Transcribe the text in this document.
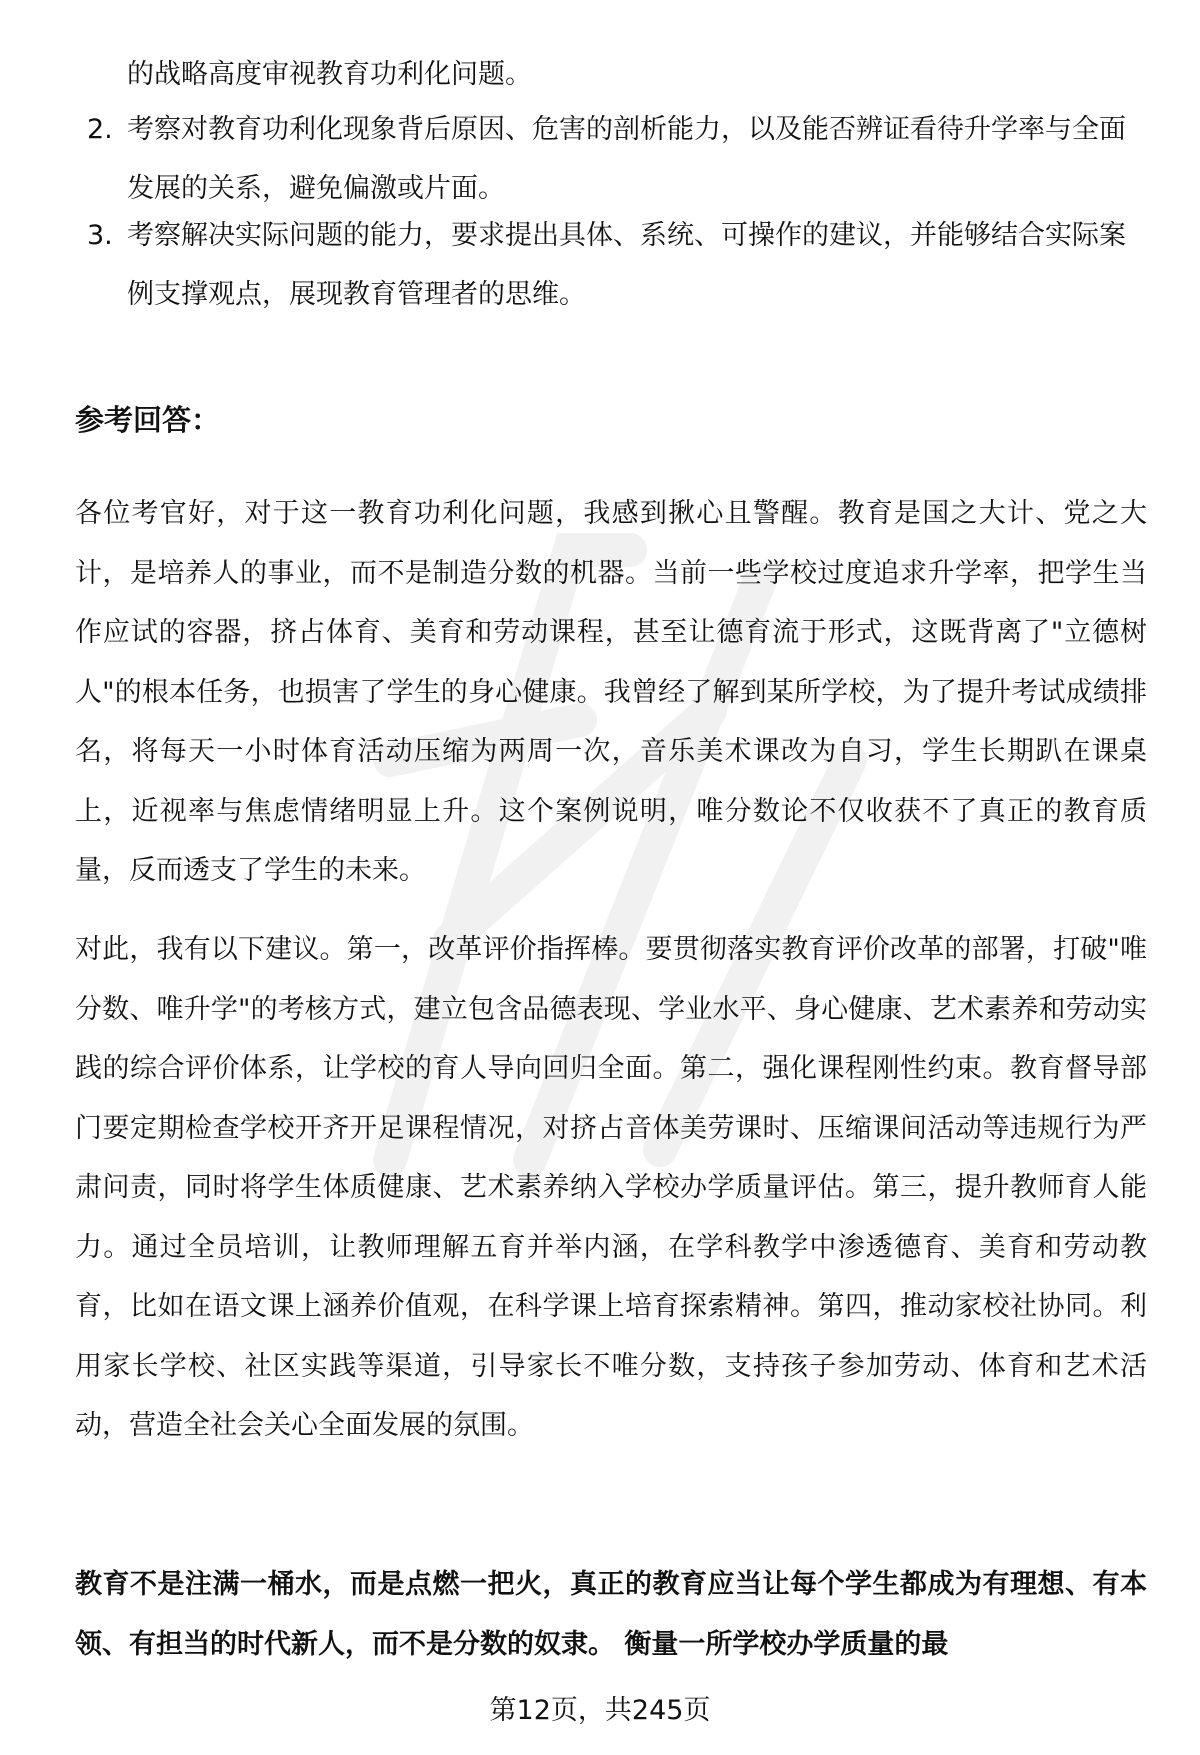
的战略高度审视教育功利化问题。
2. 考察对教育功利化现象背后原因、危害的剖析能力，以及能否辨证看待升学率与全面发展的关系，避免偏激或片面。
3. 考察解决实际问题的能力，要求提出具体、系统、可操作的建议，并能够结合实际案例支撑观点，展现教育管理者的思维。
参考回答：

各位考官好，对于这一教育功利化问题，我感到揪心且警醒。教育是国之大计、党之大计，是培养人的事业，而不是制造分数的机器。当前一些学校过度追求升学率，把学生当作应试的容器，挤占体育、美育和劳动课程，甚至让德育流于形式，这既背离了"立德树人"的根本任务，也损害了学生的身心健康。我曾经了解到某所学校，为了提升考试成绩排名，将每天一小时体育活动压缩为两周一次，音乐美术课改为自习，学生长期趴在课桌上，近视率与焦虑情绪明显上升。这个案例说明，唯分数论不仅收获不了真正的教育质量，反而透支了学生的未来。

对此，我有以下建议。第一，改革评价指挥棒。要贯彻落实教育评价改革的部署，打破"唯分数、唯升学"的考核方式，建立包含品德表现、学业水平、身心健康、艺术素养和劳动实践的综合评价体系，让学校的育人导向回归全面。第二，强化课程刚性约束。教育督导部门要定期检查学校开齐开足课程情况，对挤占音体美劳课时、压缩课间活动等违规行为严肃问责，同时将学生体质健康、艺术素养纳入学校办学质量评估。第三，提升教师育人能力。通过全员培训，让教师理解五育并举内涵，在学科教学中渗透德育、美育和劳动教育，比如在语文课上涵养价值观，在科学课上培育探索精神。第四，推动家校社协同。利用家长学校、社区实践等渠道，引导家长不唯分数，支持孩子参加劳动、体育和艺术活动，营造全社会关心全面发展的氛围。

教育不是注满一桶水，而是点燃一把火，真正的教育应当让每个学生都成为有理想、有本领、有担当的时代新人，而不是分数的奴隶。 衡量一所学校办学质量的最

第12页，共245页
